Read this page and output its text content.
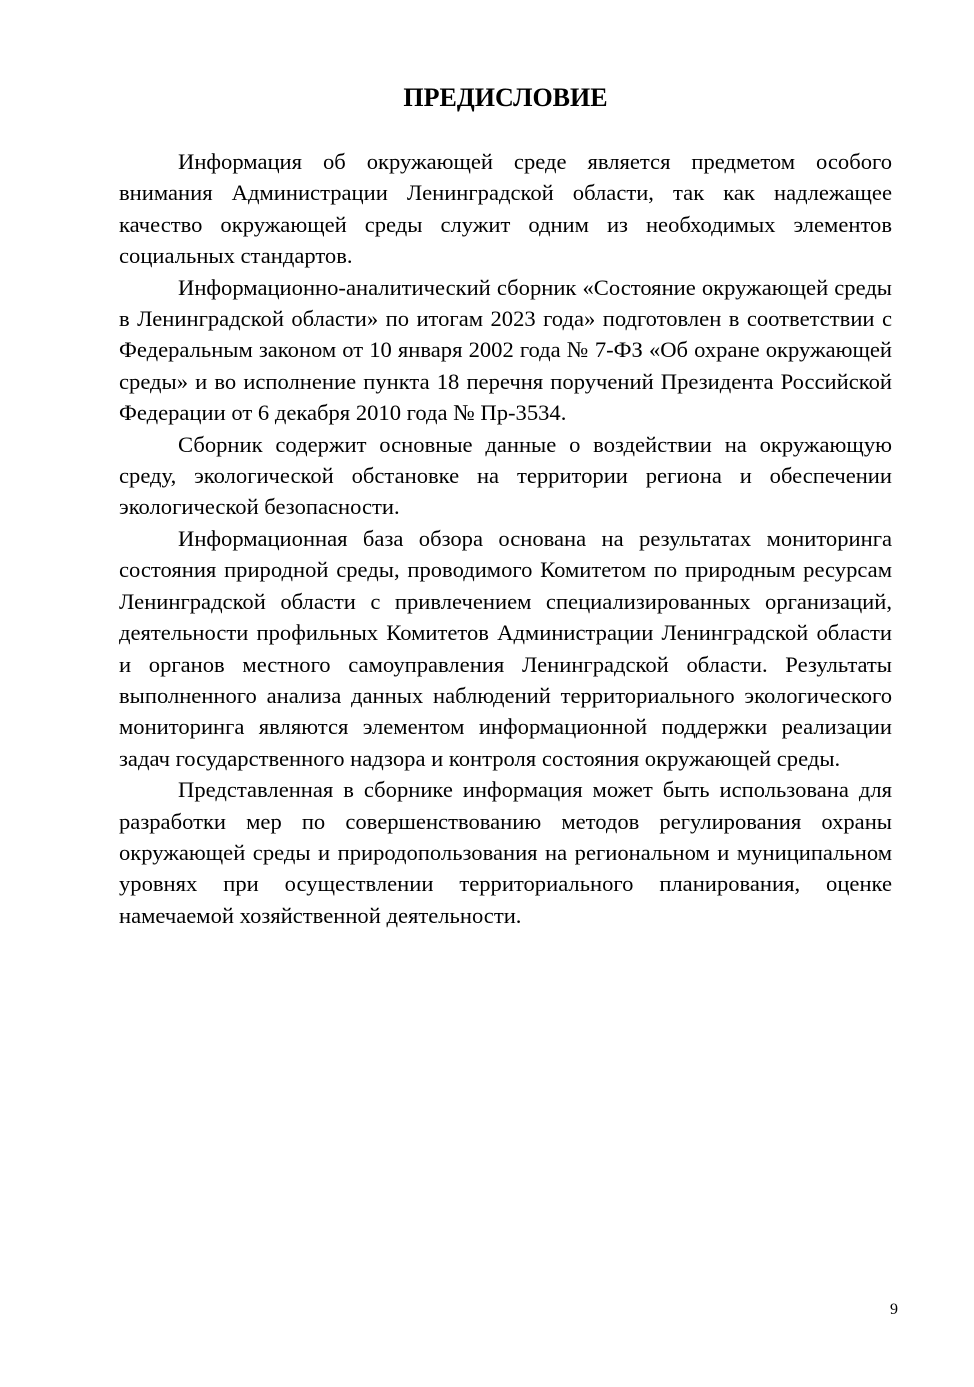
ПРЕДИСЛОВИЕ

Информация об окружающей среде является предметом особого внимания Администрации Ленинградской области, так как надлежащее качество окружающей среды служит одним из необходимых элементов социальных стандартов.

Информационно-аналитический сборник «Состояние окружающей среды в Ленинградской области» по итогам 2023 года» подготовлен в соответствии с Федеральным законом от 10 января 2002 года № 7-ФЗ «Об охране окружающей среды» и во исполнение пункта 18 перечня поручений Президента Российской Федерации от 6 декабря 2010 года № Пр-3534.

Сборник содержит основные данные о воздействии на окружающую среду, экологической обстановке на территории региона и обеспечении экологической безопасности.

Информационная база обзора основана на результатах мониторинга состояния природной среды, проводимого Комитетом по природным ресурсам Ленинградской области с привлечением специализированных организаций, деятельности профильных Комитетов Администрации Ленинградской области и органов местного самоуправления Ленинградской области. Результаты выполненного анализа данных наблюдений территориального экологического мониторинга являются элементом информационной поддержки реализации задач государственного надзора и контроля состояния окружающей среды.

Представленная в сборнике информация может быть использована для разработки мер по совершенствованию методов регулирования охраны окружающей среды и природопользования на региональном и муниципальном уровнях при осуществлении территориального планирования, оценке намечаемой хозяйственной деятельности.

9
